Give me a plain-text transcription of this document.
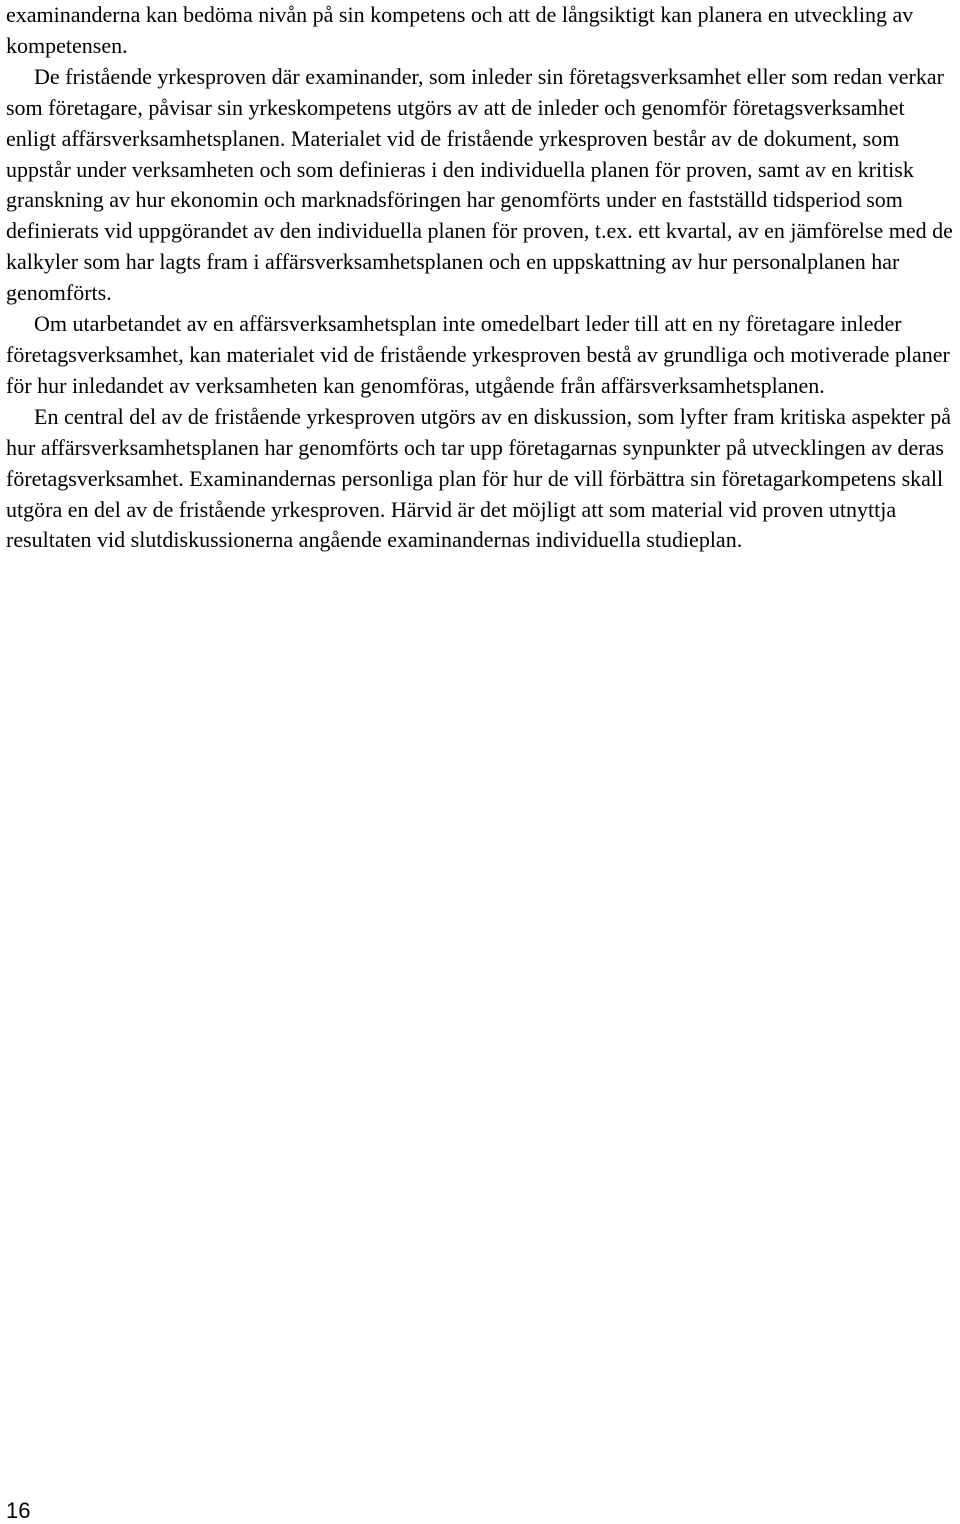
examinanderna kan bedöma nivån på sin kompetens och att de långsiktigt kan planera en utveckling av kompetensen.

De fristående yrkesproven där examinander, som inleder sin företagsverksamhet eller som redan verkar som företagare, påvisar sin yrkeskompetens utgörs av att de inleder och genomför företagsverksamhet enligt affärsverksamhetsplanen. Materialet vid de fristående yrkesproven består av de dokument, som uppstår under verksamheten och som definieras i den individuella planen för proven, samt av en kritisk granskning av hur ekonomin och marknadsföringen har genomförts under en fastställd tidsperiod som definierats vid uppgörandet av den individuella planen för proven, t.ex. ett kvartal, av en jämförelse med de kalkyler som har lagts fram i affärsverksamhetsplanen och en uppskattning av hur personalplanen har genomförts.

Om utarbetandet av en affärsverksamhetsplan inte omedelbart leder till att en ny företagare inleder företagsverksamhet, kan materialet vid de fristående yrkesproven bestå av grundliga och motiverade planer för hur inledandet av verksamheten kan genomföras, utgående från affärsverksamhetsplanen.

En central del av de fristående yrkesproven utgörs av en diskussion, som lyfter fram kritiska aspekter på hur affärsverksamhetsplanen har genomförts och tar upp företagarnas synpunkter på utvecklingen av deras företagsverksamhet. Examinandernas personliga plan för hur de vill förbättra sin företagarkompetens skall utgöra en del av de fristående yrkesproven. Härvid är det möjligt att som material vid proven utnyttja resultaten vid slutdiskussionerna angående examinandernas individuella studieplan.

16
